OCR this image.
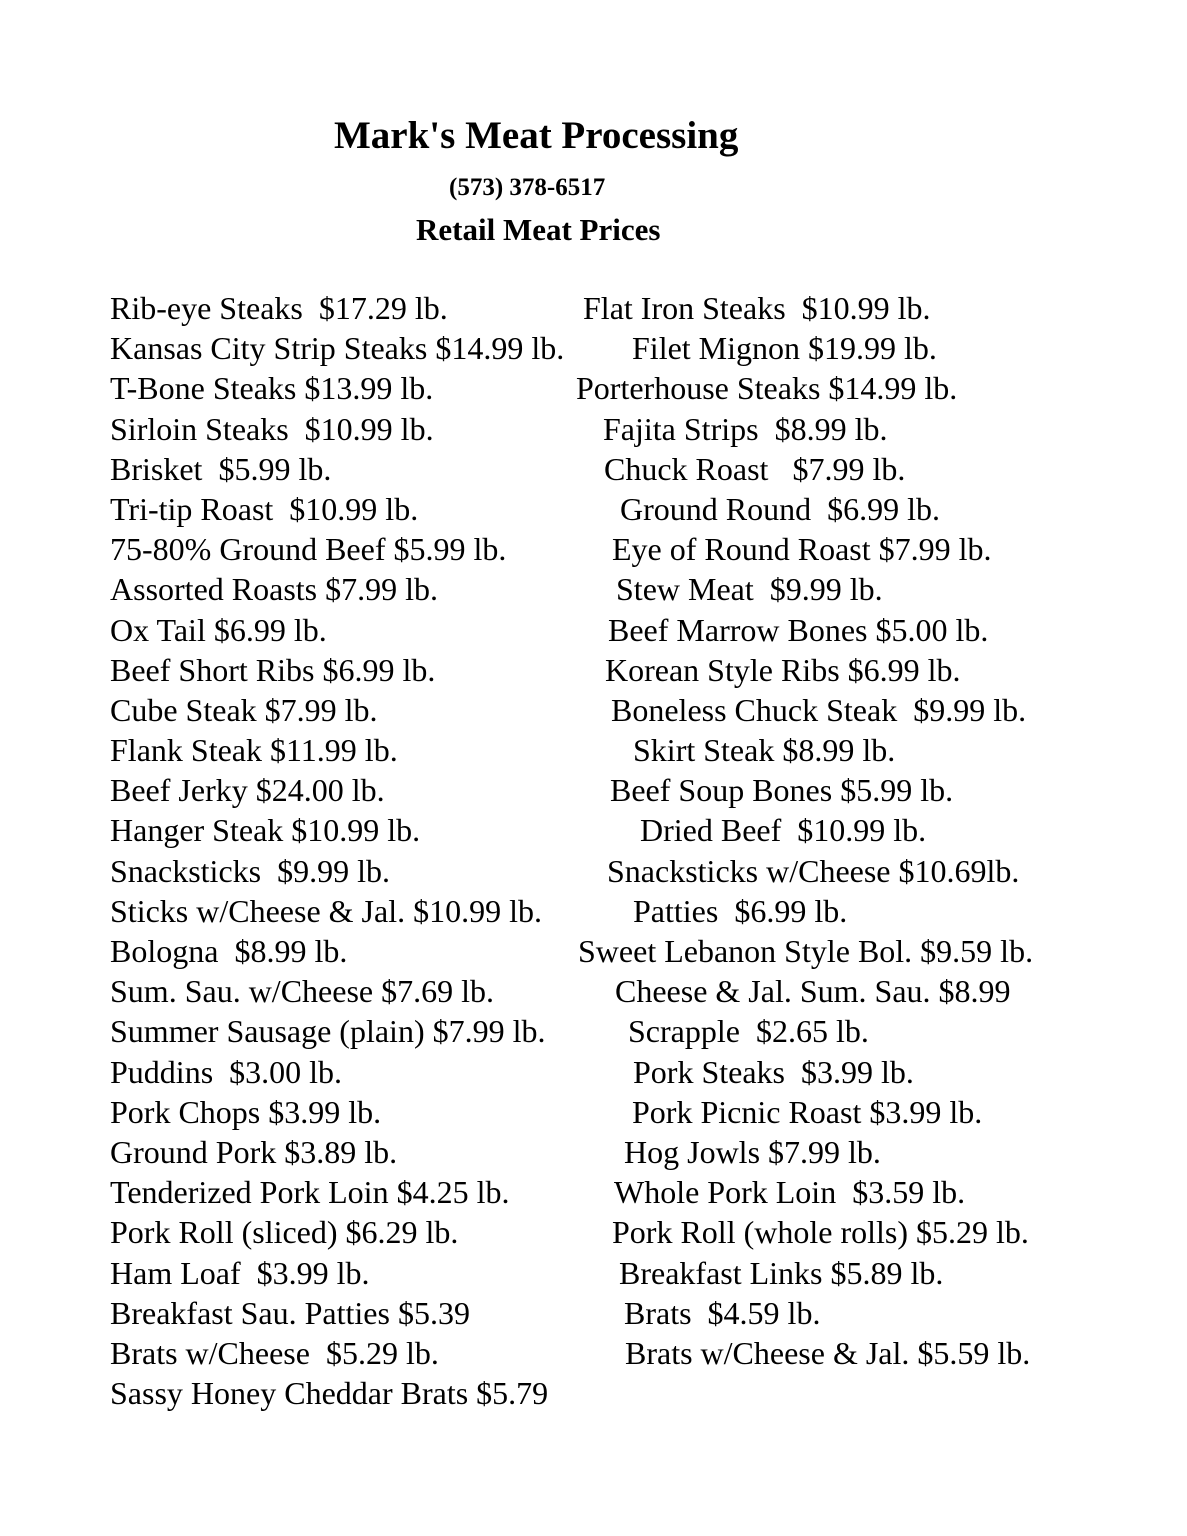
Mark's Meat Processing
(573) 378-6517
Retail Meat Prices
Rib-eye Steaks  $17.29 lb.	Flat Iron Steaks  $10.99 lb.
Kansas City Strip Steaks $14.99 lb. Filet Mignon $19.99 lb.
T-Bone Steaks $13.99 lb.	Porterhouse Steaks $14.99 lb.
Sirloin Steaks  $10.99 lb.	Fajita Strips  $8.99 lb.
Brisket  $5.99 lb.	Chuck Roast   $7.99 lb.
Tri-tip Roast  $10.99 lb.	Ground Round  $6.99 lb.
75-80% Ground Beef $5.99 lb.	Eye of Round Roast $7.99 lb.
Assorted Roasts $7.99 lb.	Stew Meat  $9.99 lb.
Ox Tail $6.99 lb.	Beef Marrow Bones $5.00 lb.
Beef Short Ribs $6.99 lb.	Korean Style Ribs $6.99 lb.
Cube Steak $7.99 lb.	Boneless Chuck Steak  $9.99 lb.
Flank Steak $11.99 lb.	Skirt Steak $8.99 lb.
Beef Jerky $24.00 lb.	Beef Soup Bones $5.99 lb.
Hanger Steak $10.99 lb.	Dried Beef  $10.99 lb.
Snacksticks  $9.99 lb.	Snacksticks w/Cheese $10.69lb.
Sticks w/Cheese & Jal. $10.99 lb.	Patties  $6.99 lb.
Bologna  $8.99 lb.	Sweet Lebanon Style Bol. $9.59 lb.
Sum. Sau. w/Cheese $7.69 lb.	Cheese & Jal. Sum. Sau. $8.99
Summer Sausage (plain) $7.99 lb.	Scrapple  $2.65 lb.
Puddins  $3.00 lb.	Pork Steaks  $3.99 lb.
Pork Chops $3.99 lb.	Pork Picnic Roast $3.99 lb.
Ground Pork $3.89 lb.	Hog Jowls $7.99 lb.
Tenderized Pork Loin $4.25 lb.	Whole Pork Loin  $3.59 lb.
Pork Roll (sliced) $6.29 lb.	Pork Roll (whole rolls) $5.29 lb.
Ham Loaf  $3.99 lb.	Breakfast Links $5.89 lb.
Breakfast Sau. Patties $5.39	Brats  $4.59 lb.
Brats w/Cheese  $5.29 lb.	Brats w/Cheese & Jal. $5.59 lb.
Sassy Honey Cheddar Brats $5.79
